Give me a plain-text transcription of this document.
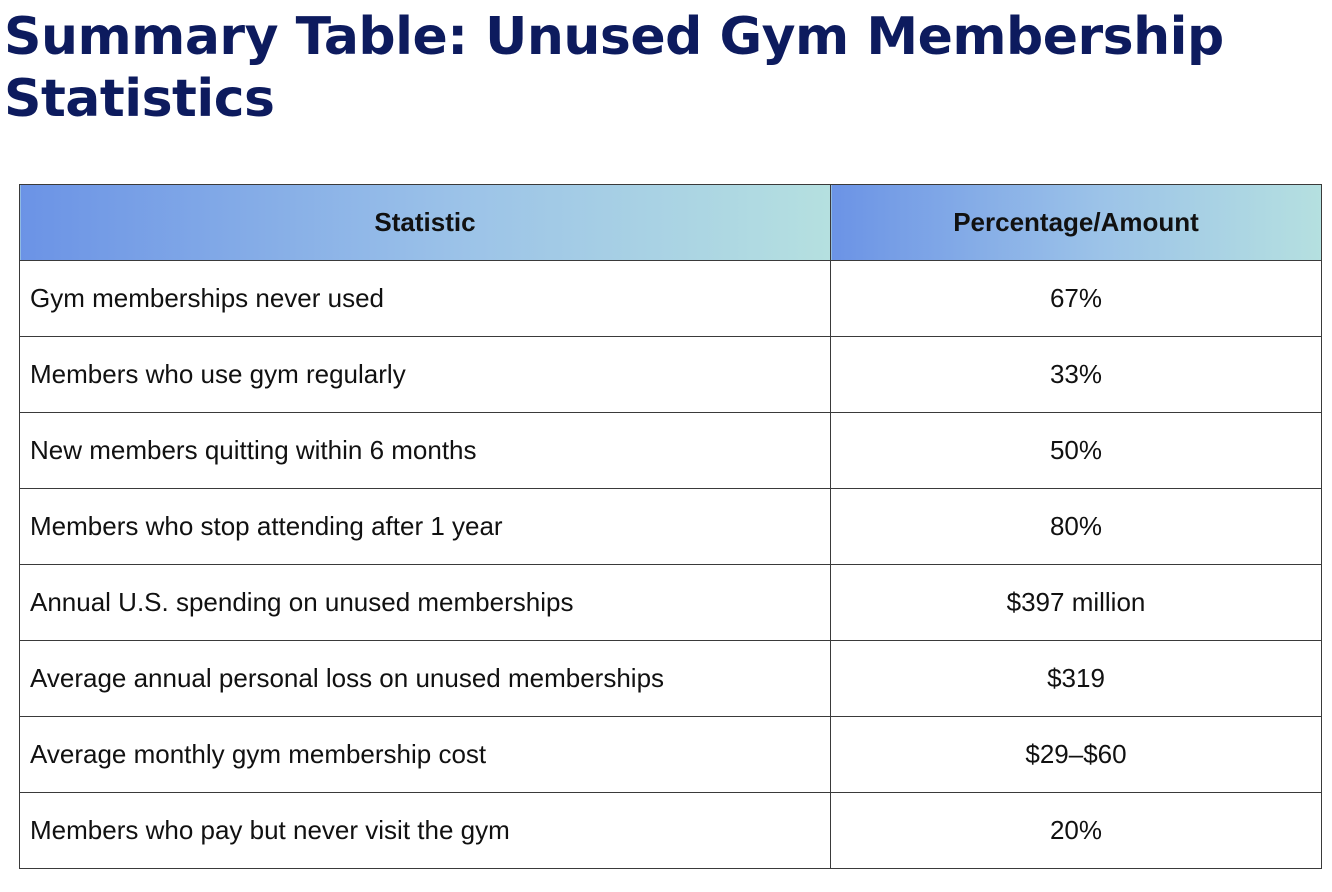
Summary Table: Unused Gym Membership Statistics
Statistic	Percentage/Amount
Gym memberships never used	67%
Members who use gym regularly	33%
New members quitting within 6 months	50%
Members who stop attending after 1 year	80%
Annual U.S. spending on unused memberships	$397 million
Average annual personal loss on unused memberships	$319
Average monthly gym membership cost	$29–$60
Members who pay but never visit the gym	20%
